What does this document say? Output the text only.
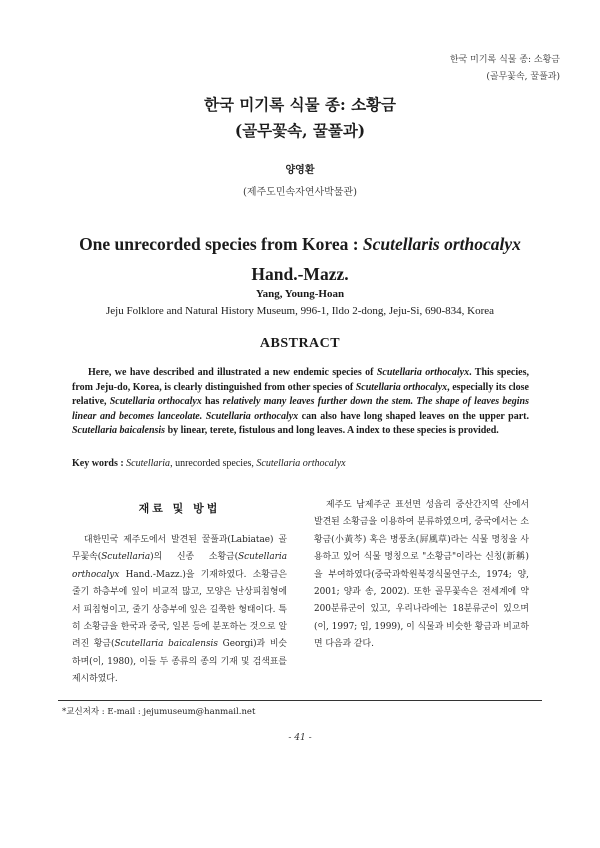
한국 미기록 식물 종: 소황금
(골무꽃속, 꿀풀과)
한국 미기록 식물 종: 소황금
(골무꽃속, 꿀풀과)
양영환
(제주도민속자연사박물관)
One unrecorded species from Korea : Scutellaris orthocalyx
Hand.-Mazz.
Yang, Young-Hoan
Jeju Folklore and Natural History Museum, 996-1, Ildo 2-dong, Jeju-Si, 690-834, Korea
ABSTRACT
Here, we have described and illustrated a new endemic species of Scutellaria orthocalyx. This species, from Jeju-do, Korea, is clearly distinguished from other species of Scutellaria orthocalyx, especially its close relative, Scutellaria orthocalyx has relatively many leaves further down the stem. The shape of leaves begins linear and becomes lanceolate. Scutellaria orthocalyx can also have long shaped leaves on the upper part. Scutellaria baicalensis by linear, terete, fistulous and long leaves. A index to these species is provided.
Key words : Scutellaria, unrecorded species, Scutellaria orthocalyx
재료 및 방법

대한민국 제주도에서 발견된 꿀풀과(Labiatae) 골무꽃속(Scutellaria)의 신종 소황금(Scutellaria orthocalyx Hand.-Mazz.)을 기재하였다. 소황금은 줄기 하층부에 잎이 비교적 많고, 모양은 난상피침형에서 피침형이고, 줄기 상층부에 잎은 길쭉한 형태이다. 특히 소황금을 한국과 중국, 일본 등에 분포하는 것으로 알려진 황금(Scutellaria baicalensis Georgi)과 비슷하며(이, 1980), 이들 두 종류의 종의 기재 및 검색표를 제시하였다.

제주도 남제주군 표선면 성읍리 중산간지역 산에서 발견된 소황금을 이용하여 분류하였으며, 중국에서는 소황금(小黃芩) 혹은 병풍초(屛風草)라는 식물 명칭을 사용하고 있어 식물 명칭으로 "소황금"이라는 신칭(新稱)을 부여하였다(중국과학원북경식물연구소, 1974; 양, 2001; 양과 송, 2002). 또한 골무꽃속은 전세계에 약 200분류군이 있고, 우리나라에는 18분류군이 있으며(이, 1997; 임, 1999), 이 식물과 비슷한 황금과 비교하면 다음과 같다.

*교신저자 : E-mail : jejumuseum@hanmail.net
- 41 -
